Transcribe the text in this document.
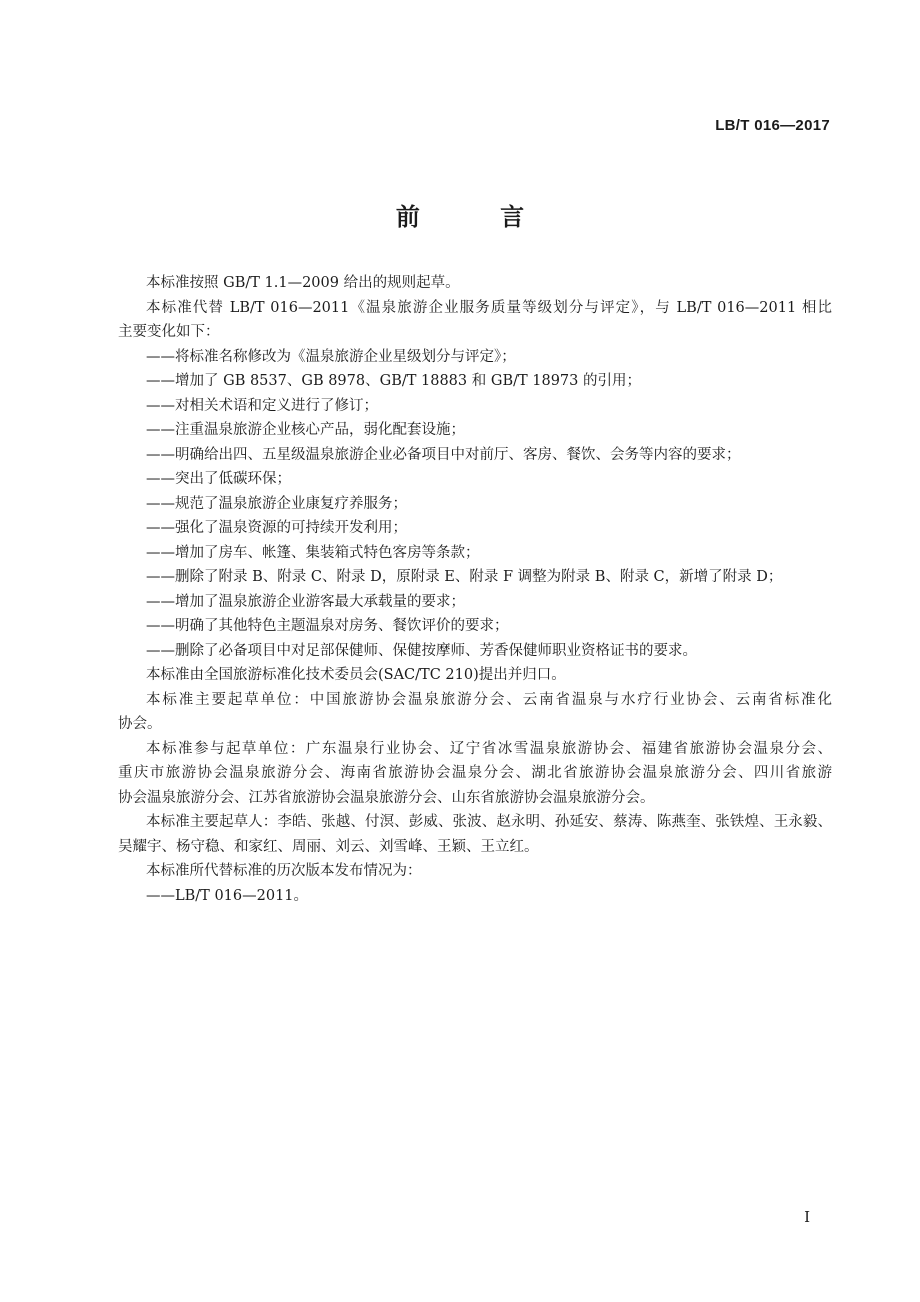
LB/T 016—2017
前 言
本标准按照 GB/T 1.1—2009 给出的规则起草。
本标准代替 LB/T 016—2011《温泉旅游企业服务质量等级划分与评定》，与 LB/T 016—2011 相比
主要变化如下：
——将标准名称修改为《温泉旅游企业星级划分与评定》；
——增加了 GB 8537、GB 8978、GB/T 18883 和 GB/T 18973 的引用；
——对相关术语和定义进行了修订；
——注重温泉旅游企业核心产品，弱化配套设施；
——明确给出四、五星级温泉旅游企业必备项目中对前厅、客房、餐饮、会务等内容的要求；
——突出了低碳环保；
——规范了温泉旅游企业康复疗养服务；
——强化了温泉资源的可持续开发利用；
——增加了房车、帐篷、集装箱式特色客房等条款；
——删除了附录 B、附录 C、附录 D，原附录 E、附录 F 调整为附录 B、附录 C，新增了附录 D；
——增加了温泉旅游企业游客最大承载量的要求；
——明确了其他特色主题温泉对房务、餐饮评价的要求；
——删除了必备项目中对足部保健师、保健按摩师、芳香保健师职业资格证书的要求。
本标准由全国旅游标准化技术委员会(SAC/TC 210)提出并归口。
本标准主要起草单位：中国旅游协会温泉旅游分会、云南省温泉与水疗行业协会、云南省标准化
协会。
本标准参与起草单位：广东温泉行业协会、辽宁省冰雪温泉旅游协会、福建省旅游协会温泉分会、
重庆市旅游协会温泉旅游分会、海南省旅游协会温泉分会、湖北省旅游协会温泉旅游分会、四川省旅游
协会温泉旅游分会、江苏省旅游协会温泉旅游分会、山东省旅游协会温泉旅游分会。
本标准主要起草人：李皓、张越、付溟、彭威、张波、赵永明、孙延安、蔡涛、陈燕奎、张铁煌、王永毅、
吴耀宇、杨守稳、和家红、周丽、刘云、刘雪峰、王颖、王立红。
本标准所代替标准的历次版本发布情况为：
——LB/T 016—2011。
I
